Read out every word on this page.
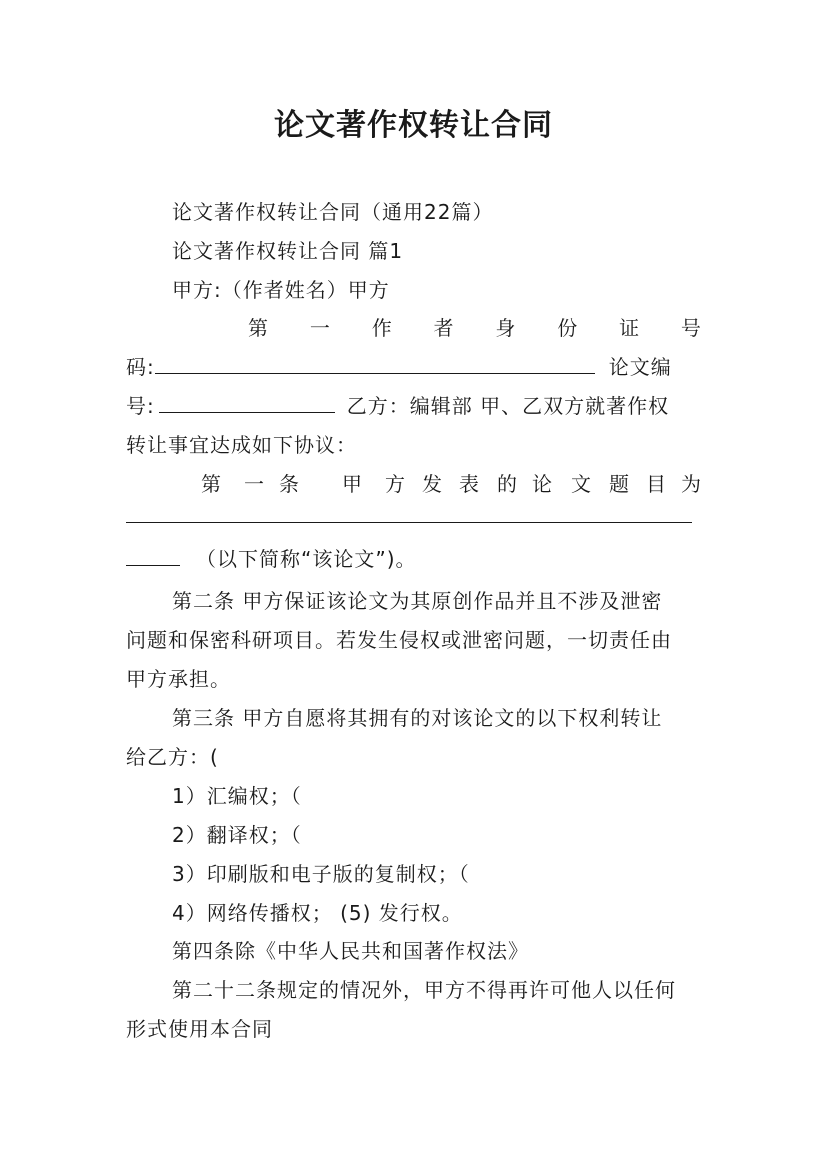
论文著作权转让合同
论文著作权转让合同（通用22篇）
论文著作权转让合同 篇1
甲方:（作者姓名）甲方
第 一 作 者 身 份 证 号
码:	论文编
号:	乙方：编辑部 甲、乙双方就著作权
转让事宜达成如下协议：
第 一 条 甲 方 发 表 的 论 文 题 目 为
（以下简称“该论文”)。
第二条 甲方保证该论文为其原创作品并且不涉及泄密
问题和保密科研项目。若发生侵权或泄密问题，一切责任由
甲方承担。
第三条 甲方自愿将其拥有的对该论文的以下权利转让
给乙方：(
1）汇编权；（
2）翻译权；（
3）印刷版和电子版的复制权；（
4）网络传播权； (5) 发行权。
第四条除《中华人民共和国著作权法》
第二十二条规定的情况外，甲方不得再许可他人以任何
形式使用本合同
